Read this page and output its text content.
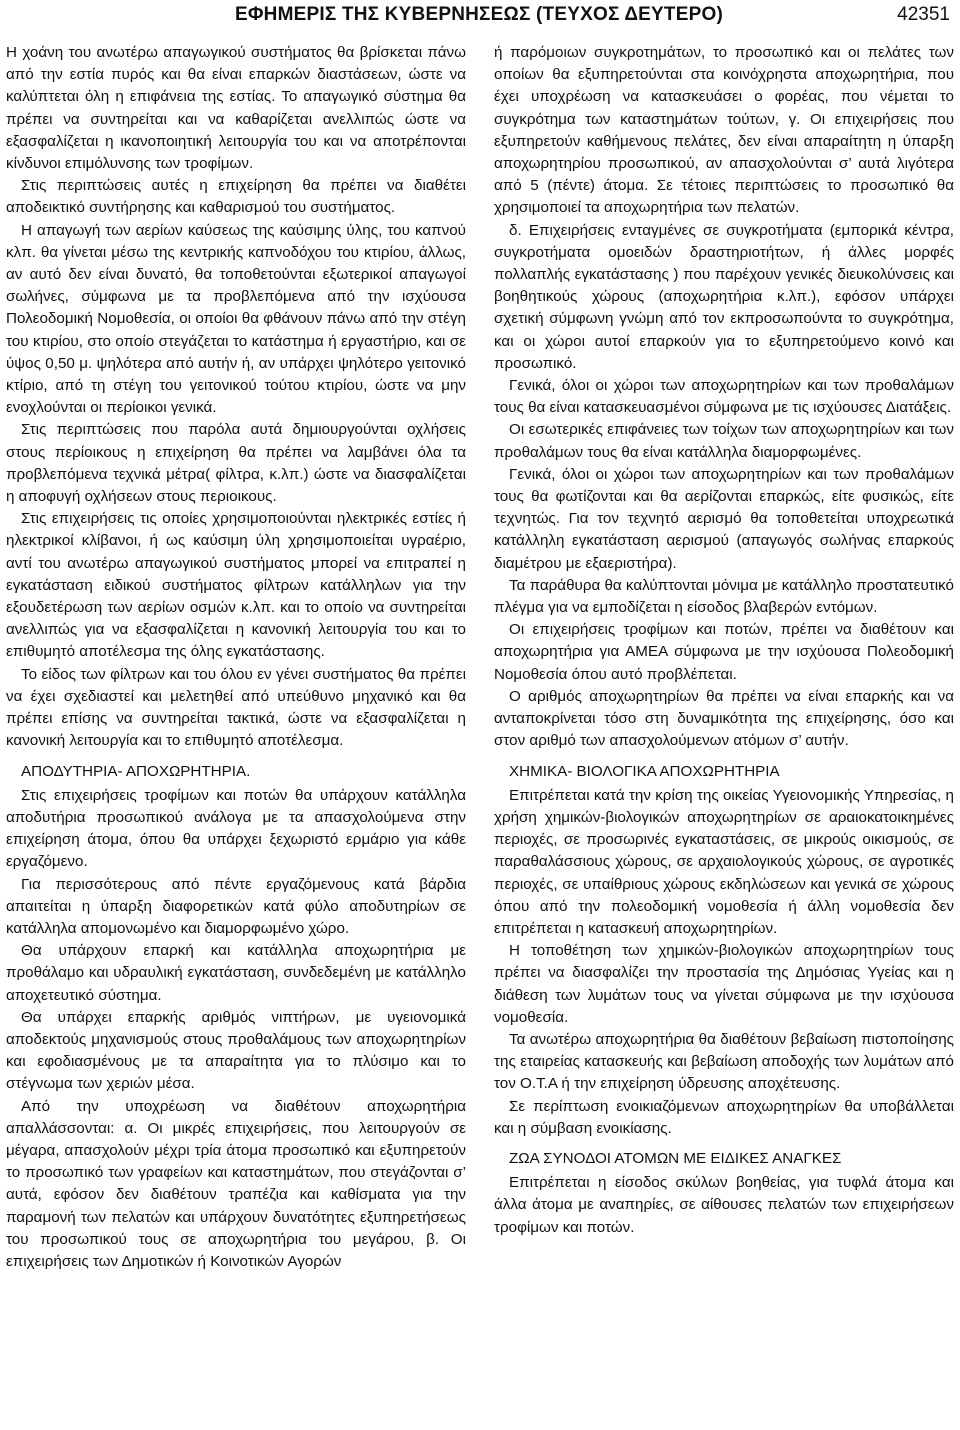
ΕΦΗΜΕΡΙΣ ΤΗΣ ΚΥΒΕΡΝΗΣΕΩΣ (ΤΕΥΧΟΣ ΔΕΥΤΕΡΟ)	42351

Η χοάνη του ανωτέρω απαγωγικού συστήματος θα βρίσκεται πάνω από την εστία πυρός και θα είναι επαρκών διαστάσεων, ώστε να καλύπτεται όλη η επιφάνεια της εστίας. Το απαγωγικό σύστημα θα πρέπει να συντηρείται και να καθαρίζεται ανελλιπώς ώστε να εξασφαλίζεται η ικανοποιητική λειτουργία του και να αποτρέπονται κίνδυνοι επιμόλυνσης των τροφίμων.

Στις περιπτώσεις αυτές η επιχείρηση θα πρέπει να διαθέτει αποδεικτικό συντήρησης και καθαρισμού του συστήματος.

Η απαγωγή των αερίων καύσεως της καύσιμης ύλης, του καπνού κλπ. θα γίνεται μέσω της κεντρικής καπνοδόχου του κτιρίου, άλλως, αν αυτό δεν είναι δυνατό, θα τοποθετούνται εξωτερικοί απαγωγοί σωλήνες, σύμφωνα με τα προβλεπόμενα από την ισχύουσα Πολεοδομική Νομοθεσία, οι οποίοι θα φθάνουν πάνω από την στέγη του κτιρίου, στο οποίο στεγάζεται το κατάστημα ή εργαστήριο, και σε ύψος 0,50 μ. ψηλότερα από αυτήν ή, αν υπάρχει ψηλότερο γειτονικό κτίριο, από τη στέγη του γειτονικού τούτου κτιρίου, ώστε να μην ενοχλούνται οι περίοικοι γενικά.

Στις περιπτώσεις που παρόλα αυτά δημιουργούνται οχλήσεις στους περίοικους η επιχείρηση θα πρέπει να λαμβάνει όλα τα προβλεπόμενα τεχνικά μέτρα( φίλτρα, κ.λπ.) ώστε να διασφαλίζεται η αποφυγή οχλήσεων στους περιοικους.

Στις επιχειρήσεις τις οποίες χρησιμοποιούνται ηλεκτρικές εστίες ή ηλεκτρικοί κλίβανοι, ή ως καύσιμη ύλη χρησιμοποιείται υγραέριο, αντί του ανωτέρω απαγωγικού συστήματος μπορεί να επιτραπεί η εγκατάσταση ειδικού συστήματος φίλτρων κατάλληλων για την εξουδετέρωση των αερίων οσμών κ.λπ. και το οποίο να συντηρείται ανελλιπώς για να εξασφαλίζεται η κανονική λειτουργία του και το επιθυμητό αποτέλεσμα της όλης εγκατάστασης.

Το είδος των φίλτρων και του όλου εν γένει συστήματος θα πρέπει να έχει σχεδιαστεί και μελετηθεί από υπεύθυνο μηχανικό και θα πρέπει επίσης να συντηρείται τακτικά, ώστε να εξασφαλίζεται η κανονική λειτουργία και το επιθυμητό αποτέλεσμα.

ΑΠΟΔΥΤΗΡΙΑ- ΑΠΟΧΩΡΗΤΗΡΙΑ.

Στις επιχειρήσεις τροφίμων και ποτών θα υπάρχουν κατάλληλα αποδυτήρια προσωπικού ανάλογα με τα απασχολούμενα στην επιχείρηση άτομα, όπου θα υπάρχει ξεχωριστό ερμάριο για κάθε εργαζόμενο.

Για περισσότερους από πέντε εργαζόμενους κατά βάρδια απαιτείται η ύπαρξη διαφορετικών κατά φύλο αποδυτηρίων σε κατάλληλα απομονωμένο και διαμορφωμένο χώρο.

Θα υπάρχουν επαρκή και κατάλληλα αποχωρητήρια με προθάλαμο και υδραυλική εγκατάσταση, συνδεδεμένη με κατάλληλο αποχετευτικό σύστημα.

Θα υπάρχει επαρκής αριθμός νιπτήρων, με υγειονομικά αποδεκτούς μηχανισμούς στους προθαλάμους των αποχωρητηρίων και εφοδιασμένους με τα απαραίτητα για το πλύσιμο και το στέγνωμα των χεριών μέσα.

Από την υποχρέωση να διαθέτουν αποχωρητήρια απαλλάσσονται: α. Οι μικρές επιχειρήσεις, που λειτουργούν σε μέγαρα, απασχολούν μέχρι τρία άτομα προσωπικό και εξυπηρετούν το προσωπικό των γραφείων και καταστημάτων, που στεγάζονται σ’ αυτά, εφόσον δεν διαθέτουν τραπέζια και καθίσματα για την παραμονή των πελατών και υπάρχουν δυνατότητες εξυπηρετήσεως του προσωπικού τους σε αποχωρητήρια του μεγάρου, β. Οι επιχειρήσεις των Δημοτικών ή Κοινοτικών Αγορών

ή παρόμοιων συγκροτημάτων, το προσωπικό και οι πελάτες των οποίων θα εξυπηρετούνται στα κοινόχρηστα αποχωρητήρια, που έχει υποχρέωση να κατασκευάσει ο φορέας, που νέμεται το συγκρότημα των καταστημάτων τούτων, γ. Οι επιχειρήσεις που εξυπηρετούν καθήμενους πελάτες, δεν είναι απαραίτητη η ύπαρξη αποχωρητηρίου προσωπικού, αν απασχολούνται σ’ αυτά λιγότερα από 5 (πέντε) άτομα. Σε τέτοιες περιπτώσεις το προσωπικό θα χρησιμοποιεί τα αποχωρητήρια των πελατών.

δ. Επιχειρήσεις ενταγμένες σε συγκροτήματα (εμπορικά κέντρα, συγκροτήματα ομοειδών δραστηριοτήτων, ή άλλες μορφές πολλαπλής εγκατάστασης ) που παρέχουν γενικές διευκολύνσεις και βοηθητικούς χώρους (αποχωρητήρια κ.λπ.), εφόσον υπάρχει σχετική σύμφωνη γνώμη από τον εκπροσωπούντα το συγκρότημα, και οι χώροι αυτοί επαρκούν για το εξυπηρετούμενο κοινό και προσωπικό.

Γενικά, όλοι οι χώροι των αποχωρητηρίων και των προθαλάμων τους θα είναι κατασκευασμένοι σύμφωνα με τις ισχύουσες Διατάξεις.

Οι εσωτερικές επιφάνειες των τοίχων των αποχωρητηρίων και των προθαλάμων τους θα είναι κατάλληλα διαμορφωμένες.

Γενικά, όλοι οι χώροι των αποχωρητηρίων και των προθαλάμων τους θα φωτίζονται και θα αερίζονται επαρκώς, είτε φυσικώς, είτε τεχνητώς. Για τον τεχνητό αερισμό θα τοποθετείται υποχρεωτικά κατάλληλη εγκατάσταση αερισμού (απαγωγός σωλήνας επαρκούς διαμέτρου με εξαεριστήρα).

Τα παράθυρα θα καλύπτονται μόνιμα με κατάλληλο προστατευτικό πλέγμα για να εμποδίζεται η είσοδος βλαβερών εντόμων.

Οι επιχειρήσεις τροφίμων και ποτών, πρέπει να διαθέτουν και αποχωρητήρια για ΑΜΕΑ σύμφωνα με την ισχύουσα Πολεοδομική Νομοθεσία όπου αυτό προβλέπεται.

Ο αριθμός αποχωρητηρίων θα πρέπει να είναι επαρκής και να ανταποκρίνεται τόσο στη δυναμικότητα της επιχείρησης, όσο και στον αριθμό των απασχολούμενων ατόμων σ’ αυτήν.

ΧΗΜΙΚΑ- ΒΙΟΛΟΓΙΚΑ ΑΠΟΧΩΡΗΤΗΡΙΑ

Επιτρέπεται κατά την κρίση της οικείας Υγειονομικής Υπηρεσίας, η χρήση χημικών-βιολογικών αποχωρητηρίων σε αραιοκατοικημένες περιοχές, σε προσωρινές εγκαταστάσεις, σε μικρούς οικισμούς, σε παραθαλάσσιους χώρους, σε αρχαιολογικούς χώρους, σε αγροτικές περιοχές, σε υπαίθριους χώρους εκδηλώσεων και γενικά σε χώρους όπου από την πολεοδομική νομοθεσία ή άλλη νομοθεσία δεν επιτρέπεται η κατασκευή αποχωρητηρίων.

Η τοποθέτηση των χημικών-βιολογικών αποχωρητηρίων τους πρέπει να διασφαλίζει την προστασία της Δημόσιας Υγείας και η διάθεση των λυμάτων τους να γίνεται σύμφωνα με την ισχύουσα νομοθεσία.

Τα ανωτέρω αποχωρητήρια θα διαθέτουν βεβαίωση πιστοποίησης της εταιρείας κατασκευής και βεβαίωση αποδοχής των λυμάτων από τον Ο.Τ.Α ή την επιχείρηση ύδρευσης αποχέτευσης.

Σε περίπτωση ενοικιαζόμενων αποχωρητηρίων θα υποβάλλεται και η σύμβαση ενοικίασης.

ΖΩΑ ΣΥΝΟΔΟΙ ΑΤΟΜΩΝ ΜΕ ΕΙΔΙΚΕΣ ΑΝΑΓΚΕΣ

Επιτρέπεται η είσοδος σκύλων βοηθείας, για τυφλά άτομα και άλλα άτομα με αναπηρίες, σε αίθουσες πελατών των επιχειρήσεων τροφίμων και ποτών.
